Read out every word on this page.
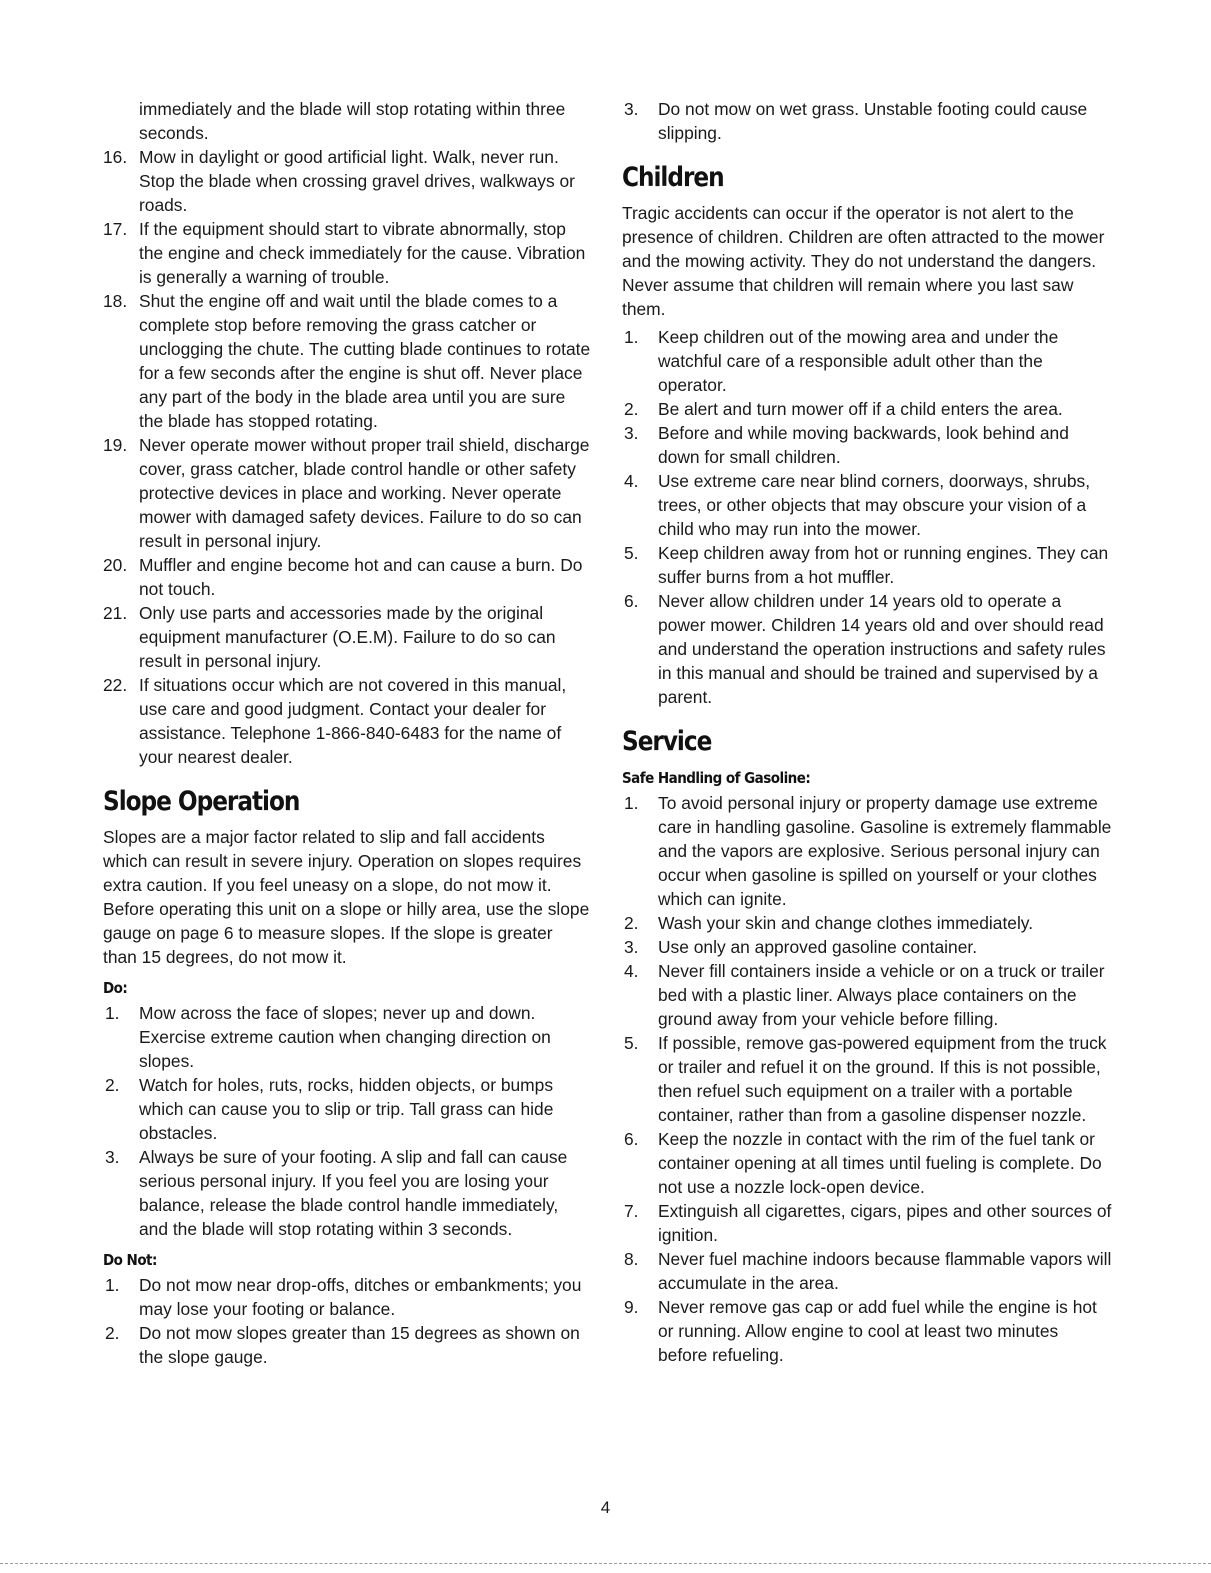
immediately and the blade will stop rotating within three seconds.

16. Mow in daylight or good artificial light. Walk, never run. Stop the blade when crossing gravel drives, walkways or roads.
17. If the equipment should start to vibrate abnormally, stop the engine and check immediately for the cause. Vibration is generally a warning of trouble.
18. Shut the engine off and wait until the blade comes to a complete stop before removing the grass catcher or unclogging the chute. The cutting blade continues to rotate for a few seconds after the engine is shut off. Never place any part of the body in the blade area until you are sure the blade has stopped rotating.
19. Never operate mower without proper trail shield, discharge cover, grass catcher, blade control handle or other safety protective devices in place and working. Never operate mower with damaged safety devices. Failure to do so can result in personal injury.
20. Muffler and engine become hot and can cause a burn. Do not touch.
21. Only use parts and accessories made by the original equipment manufacturer (O.E.M). Failure to do so can result in personal injury.
22. If situations occur which are not covered in this manual, use care and good judgment. Contact your dealer for assistance. Telephone 1-866-840-6483 for the name of your nearest dealer.
Slope Operation

Slopes are a major factor related to slip and fall accidents which can result in severe injury. Operation on slopes requires extra caution. If you feel uneasy on a slope, do not mow it. Before operating this unit on a slope or hilly area, use the slope gauge on page 6 to measure slopes. If the slope is greater than 15 degrees, do not mow it.

Do:
1. Mow across the face of slopes; never up and down. Exercise extreme caution when changing direction on slopes.
2. Watch for holes, ruts, rocks, hidden objects, or bumps which can cause you to slip or trip. Tall grass can hide obstacles.
3. Always be sure of your footing. A slip and fall can cause serious personal injury. If you feel you are losing your balance, release the blade control handle immediately, and the blade will stop rotating within 3 seconds.
Do Not:
1. Do not mow near drop-offs, ditches or embankments; you may lose your footing or balance.
2. Do not mow slopes greater than 15 degrees as shown on the slope gauge.
3. Do not mow on wet grass. Unstable footing could cause slipping.
Children

Tragic accidents can occur if the operator is not alert to the presence of children. Children are often attracted to the mower and the mowing activity. They do not understand the dangers. Never assume that children will remain where you last saw them.

1. Keep children out of the mowing area and under the watchful care of a responsible adult other than the operator.
2. Be alert and turn mower off if a child enters the area.
3. Before and while moving backwards, look behind and down for small children.
4. Use extreme care near blind corners, doorways, shrubs, trees, or other objects that may obscure your vision of a child who may run into the mower.
5. Keep children away from hot or running engines. They can suffer burns from a hot muffler.
6. Never allow children under 14 years old to operate a power mower. Children 14 years old and over should read and understand the operation instructions and safety rules in this manual and should be trained and supervised by a parent.
Service
Safe Handling of Gasoline:
1. To avoid personal injury or property damage use extreme care in handling gasoline. Gasoline is extremely flammable and the vapors are explosive. Serious personal injury can occur when gasoline is spilled on yourself or your clothes which can ignite.
2. Wash your skin and change clothes immediately.
3. Use only an approved gasoline container.
4. Never fill containers inside a vehicle or on a truck or trailer bed with a plastic liner. Always place containers on the ground away from your vehicle before filling.
5. If possible, remove gas-powered equipment from the truck or trailer and refuel it on the ground. If this is not possible, then refuel such equipment on a trailer with a portable container, rather than from a gasoline dispenser nozzle.
6. Keep the nozzle in contact with the rim of the fuel tank or container opening at all times until fueling is complete. Do not use a nozzle lock-open device.
7. Extinguish all cigarettes, cigars, pipes and other sources of ignition.
8. Never fuel machine indoors because flammable vapors will accumulate in the area.
9. Never remove gas cap or add fuel while the engine is hot or running. Allow engine to cool at least two minutes before refueling.
4
